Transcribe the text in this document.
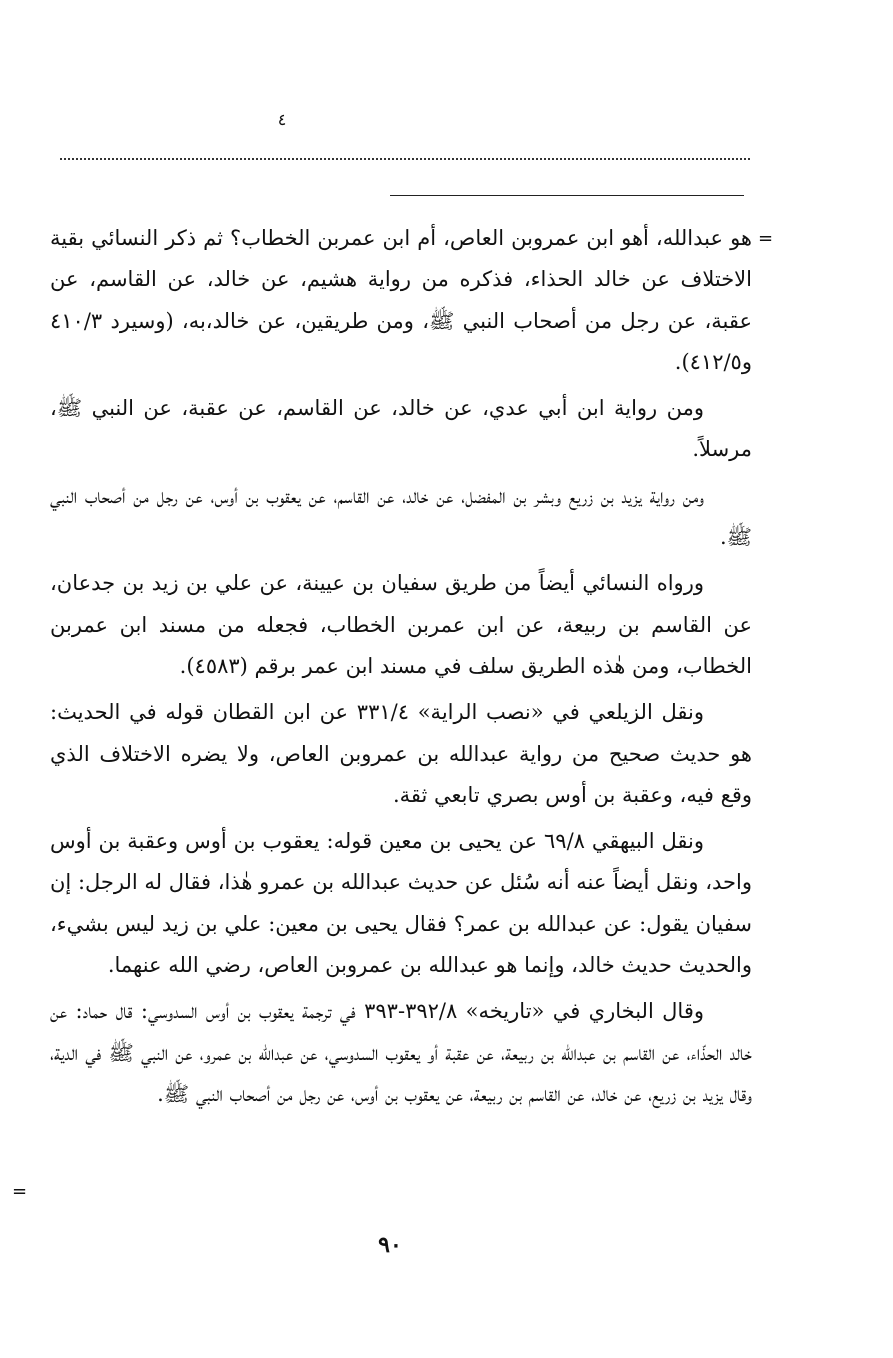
٤
=

هو عبدالله، أهو ابن عمروبن العاص، أم ابن عمربن الخطاب؟ ثم ذكر النسائي بقية الاختلاف عن خالد الحذاء، فذكره من رواية هشيم، عن خالد، عن القاسم، عن عقبة، عن رجل من أصحاب النبي ﷺ، ومن طريقين، عن خالد،به، (وسيرد ٤١٠/٣ و٤١٢/٥).

ومن رواية ابن أبي عدي، عن خالد، عن القاسم، عن عقبة، عن النبي ﷺ، مرسلاً.

ومن رواية يزيد بن زريع وبشر بن المفضل، عن خالد، عن القاسم، عن يعقوب بن أوس، عن رجل من أصحاب النبي ﷺ.

ورواه النسائي أيضاً من طريق سفيان بن عيينة، عن علي بن زيد بن جدعان، عن القاسم بن ربيعة، عن ابن عمربن الخطاب، فجعله من مسند ابن عمربن الخطاب، ومن هٰذه الطريق سلف في مسند ابن عمر برقم (٤٥٨٣).

ونقل الزيلعي في «نصب الراية» ٣٣١/٤ عن ابن القطان قوله في الحديث: هو حديث صحيح من رواية عبدالله بن عمروبن العاص، ولا يضره الاختلاف الذي وقع فيه، وعقبة بن أوس بصري تابعي ثقة.

ونقل البيهقي ٦٩/٨ عن يحيى بن معين قوله: يعقوب بن أوس وعقبة بن أوس واحد، ونقل أيضاً عنه أنه سُئل عن حديث عبدالله بن عمرو هٰذا، فقال له الرجل: إن سفيان يقول: عن عبدالله بن عمر؟ فقال يحيى بن معين: علي بن زيد ليس بشيء، والحديث حديث خالد، وإنما هو عبدالله بن عمروبن العاص، رضي الله عنهما.

وقال البخاري في «تاريخه» ٣٩٢/٨-٣٩٣ في ترجمة يعقوب بن أوس السدوسي: قال حماد: عن خالد الحذّاء، عن القاسم بن عبدالله بن ربيعة، عن عقبة أو يعقوب السدوسي، عن عبدالله بن عمرو، عن النبي ﷺ في الدية، وقال يزيد بن زريع، عن خالد، عن القاسم بن ربيعة، عن يعقوب بن أوس، عن رجل من أصحاب النبي ﷺ.

=
٩٠
